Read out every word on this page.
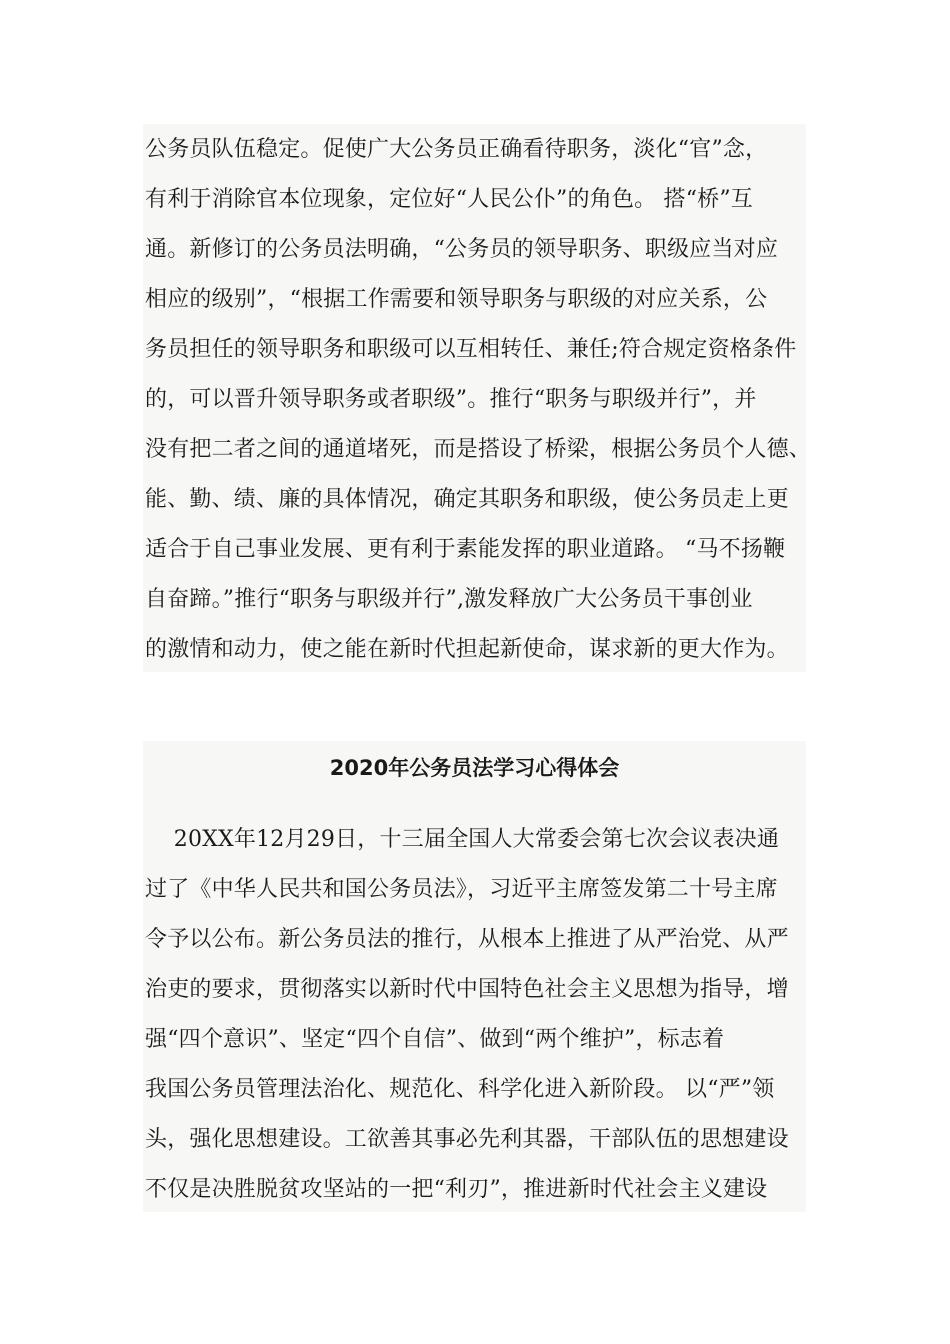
公务员队伍稳定。促使广大公务员正确看待职务，淡化“官”念，
有利于消除官本位现象，定位好“人民公仆”的角色。 搭“桥”互
通。新修订的公务员法明确，“公务员的领导职务、职级应当对应
相应的级别”，“根据工作需要和领导职务与职级的对应关系，公
务员担任的领导职务和职级可以互相转任、兼任;符合规定资格条件
的，可以晋升领导职务或者职级”。推行“职务与职级并行”，并
没有把二者之间的通道堵死，而是搭设了桥梁，根据公务员个人德、
能、勤、绩、廉的具体情况，确定其职务和职级，使公务员走上更
适合于自己事业发展、更有利于素能发挥的职业道路。 “马不扬鞭
自奋蹄。”推行“职务与职级并行”,激发释放广大公务员干事创业
的激情和动力，使之能在新时代担起新使命，谋求新的更大作为。
2020年公务员法学习心得体会
20XX年12月29日，十三届全国人大常委会第七次会议表决通
过了《中华人民共和国公务员法》，习近平主席签发第二十号主席
令予以公布。新公务员法的推行，从根本上推进了从严治党、从严
治吏的要求，贯彻落实以新时代中国特色社会主义思想为指导，增
强“四个意识”、坚定“四个自信”、做到“两个维护”，标志着
我国公务员管理法治化、规范化、科学化进入新阶段。 以“严”领
头，强化思想建设。工欲善其事必先利其器，干部队伍的思想建设
不仅是决胜脱贫攻坚站的一把“利刃”，推进新时代社会主义建设
